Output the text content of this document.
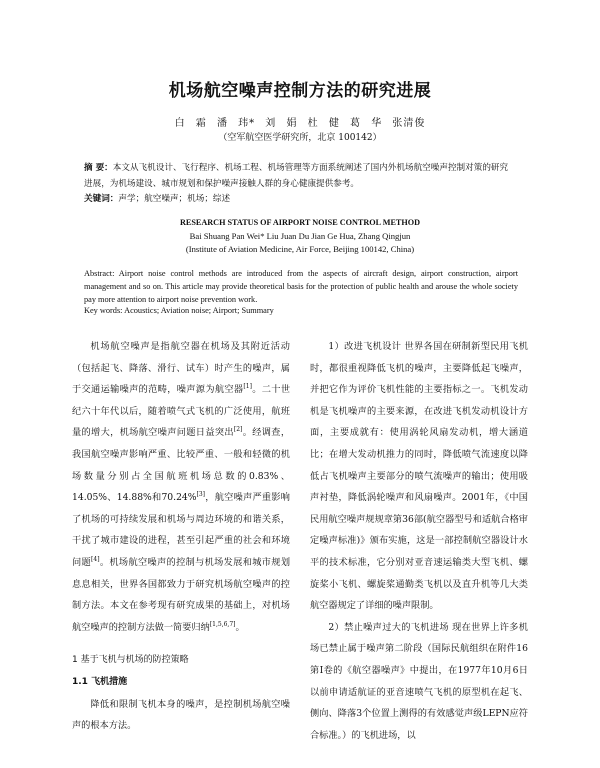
机场航空噪声控制方法的研究进展
白 霜 潘 玮* 刘 娟 杜 健 葛 华 张清俊
（空军航空医学研究所，北京 100142）
摘 要：本文从飞机设计、飞行程序、机场工程、机场管理等方面系统阐述了国内外机场航空噪声控制对策的研究进展，为机场建设、城市规划和保护噪声接触人群的身心健康提供参考。
关键词：声学；航空噪声；机场；综述
RESEARCH STATUS OF AIRPORT NOISE CONTROL METHOD
Bai Shuang Pan Wei* Liu Juan Du Jian Ge Hua, Zhang Qingjun
(Institute of Aviation Medicine, Air Force, Beijing 100142, China)
Abstract: Airport noise control methods are introduced from the aspects of aircraft design, airport construction, airport management and so on. This article may provide theoretical basis for the protection of public health and arouse the whole society pay more attention to airport noise prevention work.
Key words: Acoustics; Aviation noise; Airport; Summary

机场航空噪声是指航空器在机场及其附近活动（包括起飞、降落、滑行、试车）时产生的噪声，属于交通运输噪声的范畴，噪声源为航空器[1]。二十世纪六十年代以后，随着喷气式飞机的广泛使用，航班量的增大，机场航空噪声问题日益突出[2]。经调查，我国航空噪声影响严重、比较严重、一般和轻微的机场数量分别占全国航班机场总数的0.83%、14.05%、14.88%和70.24%[3]，航空噪声严重影响了机场的可持续发展和机场与周边环境的和谐关系，干扰了城市建设的进程，甚至引起严重的社会和环境问题[4]。机场航空噪声的控制与机场发展和城市规划息息相关，世界各国都致力于研究机场航空噪声的控制方法。本文在参考现有研究成果的基础上，对机场航空噪声的控制方法做一简要归纳[1,5,6,7]。

1 基于飞机与机场的防控策略

1.1 飞机措施

降低和限制飞机本身的噪声，是控制机场航空噪声的根本方法。

1）改进飞机设计 世界各国在研制新型民用飞机时，都很重视降低飞机的噪声，主要降低起飞噪声，并把它作为评价飞机性能的主要指标之一。飞机发动机是飞机噪声的主要来源，在改进飞机发动机设计方面，主要成就有：使用涡轮风扇发动机，增大涵道比；在增大发动机推力的同时，降低喷气流速度以降低占飞机噪声主要部分的喷气流噪声的输出；使用吸声衬垫，降低涡轮噪声和风扇噪声。2001年，《中国民用航空噪声规规章第36部(航空器型号和适航合格审定噪声标准)》颁布实施，这是一部控制航空器设计水平的技术标准，它分别对亚音速运输类大型飞机、螺旋桨小飞机、螺旋桨通勤类飞机以及直升机等几大类航空器规定了详细的噪声限制。

2）禁止噪声过大的飞机进场 现在世界上许多机场已禁止属于噪声第二阶段（国际民航组织在附件16第Ⅰ卷的《航空器噪声》中提出，在1977年10月6日以前申请适航证的亚音速喷气飞机的原型机在起飞、侧向、降落3个位置上测得的有效感觉声级LEPN应符合标准。）的飞机进场，以
